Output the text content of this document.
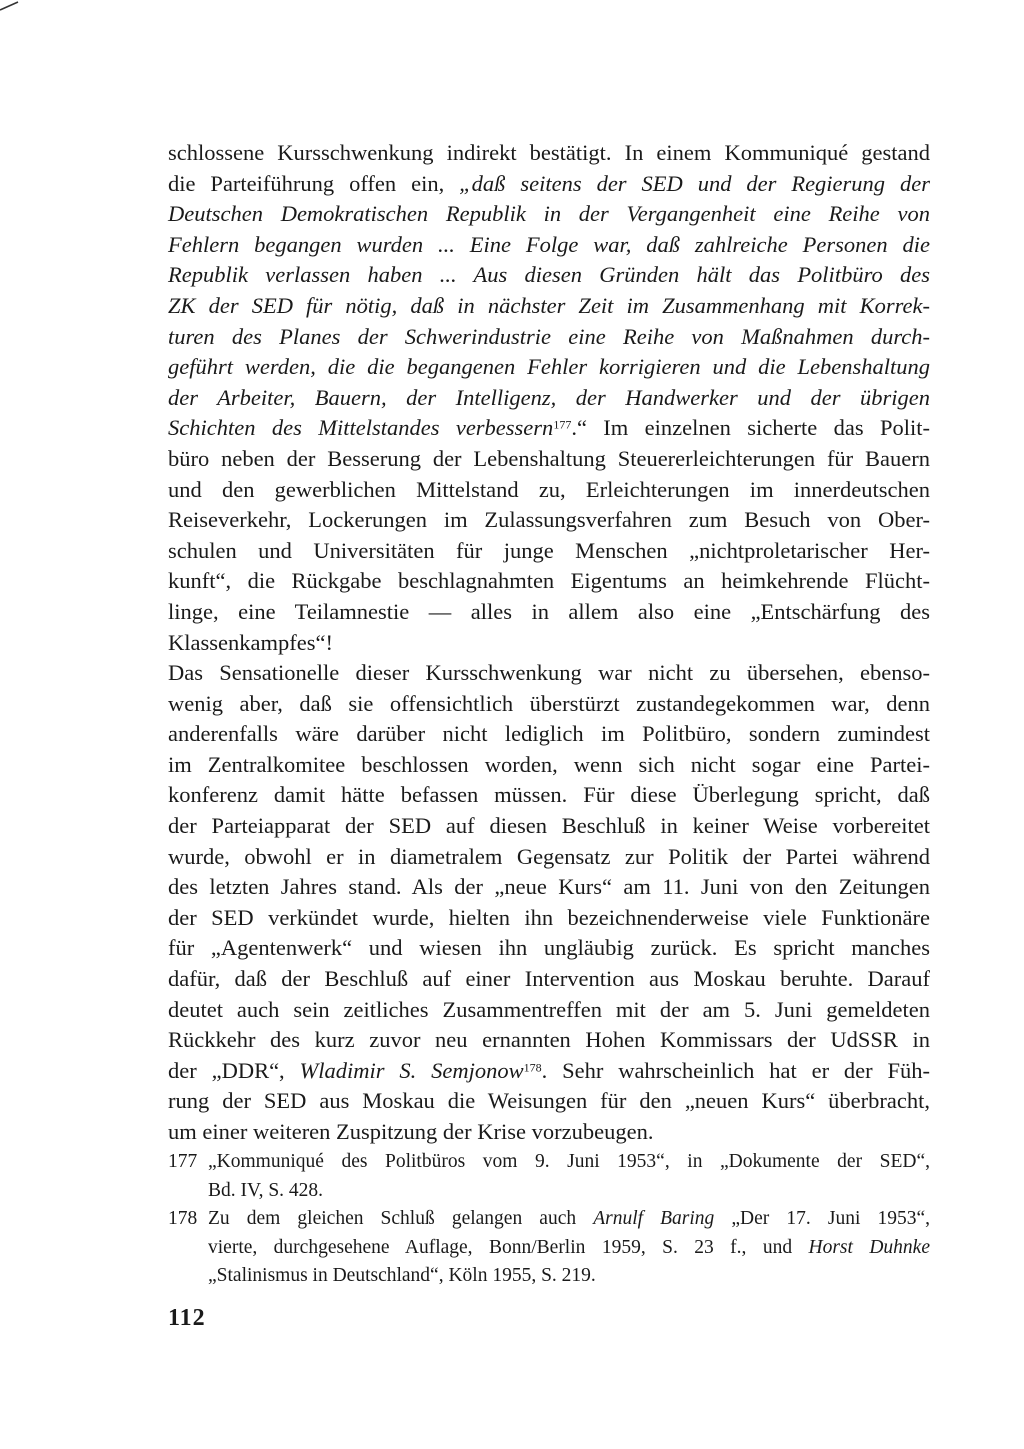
schlossene Kursschwenkung indirekt bestätigt. In einem Kommuniqué gestand
die Parteiführung offen ein, „daß seitens der SED und der Regierung der
Deutschen Demokratischen Republik in der Vergangenheit eine Reihe von
Fehlern begangen wurden ... Eine Folge war, daß zahlreiche Personen die
Republik verlassen haben ... Aus diesen Gründen hält das Politbüro des
ZK der SED für nötig, daß in nächster Zeit im Zusammenhang mit Korrek-
turen des Planes der Schwerindustrie eine Reihe von Maßnahmen durch-
geführt werden, die die begangenen Fehler korrigieren und die Lebenshaltung
der Arbeiter, Bauern, der Intelligenz, der Handwerker und der übrigen
Schichten des Mittelstandes verbessern$^{177}$.“ Im einzelnen sicherte das Polit-
büro neben der Besserung der Lebenshaltung Steuererleichterungen für Bauern
und den gewerblichen Mittelstand zu, Erleichterungen im innerdeutschen
Reiseverkehr, Lockerungen im Zulassungsverfahren zum Besuch von Ober-
schulen und Universitäten für junge Menschen „nichtproletarischer Her-
kunft“, die Rückgabe beschlagnahmten Eigentums an heimkehrende Flücht-
linge, eine Teilamnestie — alles in allem also eine „Entschärfung des
Klassenkampfes“!
Das Sensationelle dieser Kursschwenkung war nicht zu übersehen, ebenso-
wenig aber, daß sie offensichtlich überstürzt zustandegekommen war, denn
anderenfalls wäre darüber nicht lediglich im Politbüro, sondern zumindest
im Zentralkomitee beschlossen worden, wenn sich nicht sogar eine Partei-
konferenz damit hätte befassen müssen. Für diese Überlegung spricht, daß
der Parteiapparat der SED auf diesen Beschluß in keiner Weise vorbereitet
wurde, obwohl er in diametralem Gegensatz zur Politik der Partei während
des letzten Jahres stand. Als der „neue Kurs“ am 11. Juni von den Zeitungen
der SED verkündet wurde, hielten ihn bezeichnenderweise viele Funktionäre
für „Agentenwerk“ und wiesen ihn ungläubig zurück. Es spricht manches
dafür, daß der Beschluß auf einer Intervention aus Moskau beruhte. Darauf
deutet auch sein zeitliches Zusammentreffen mit der am 5. Juni gemeldeten
Rückkehr des kurz zuvor neu ernannten Hohen Kommissars der UdSSR in
der „DDR“, Wladimir S. Semjonow$^{178}$. Sehr wahrscheinlich hat er der Füh-
rung der SED aus Moskau die Weisungen für den „neuen Kurs“ überbracht,
um einer weiteren Zuspitzung der Krise vorzubeugen.
177 „Kommuniqué des Politbüros vom 9. Juni 1953“, in „Dokumente der SED“,
Bd. IV, S. 428.
178 Zu dem gleichen Schluß gelangen auch Arnulf Baring „Der 17. Juni 1953“,
vierte, durchgesehene Auflage, Bonn/Berlin 1959, S. 23 f., und Horst Duhnke
„Stalinismus in Deutschland“, Köln 1955, S. 219.
112
